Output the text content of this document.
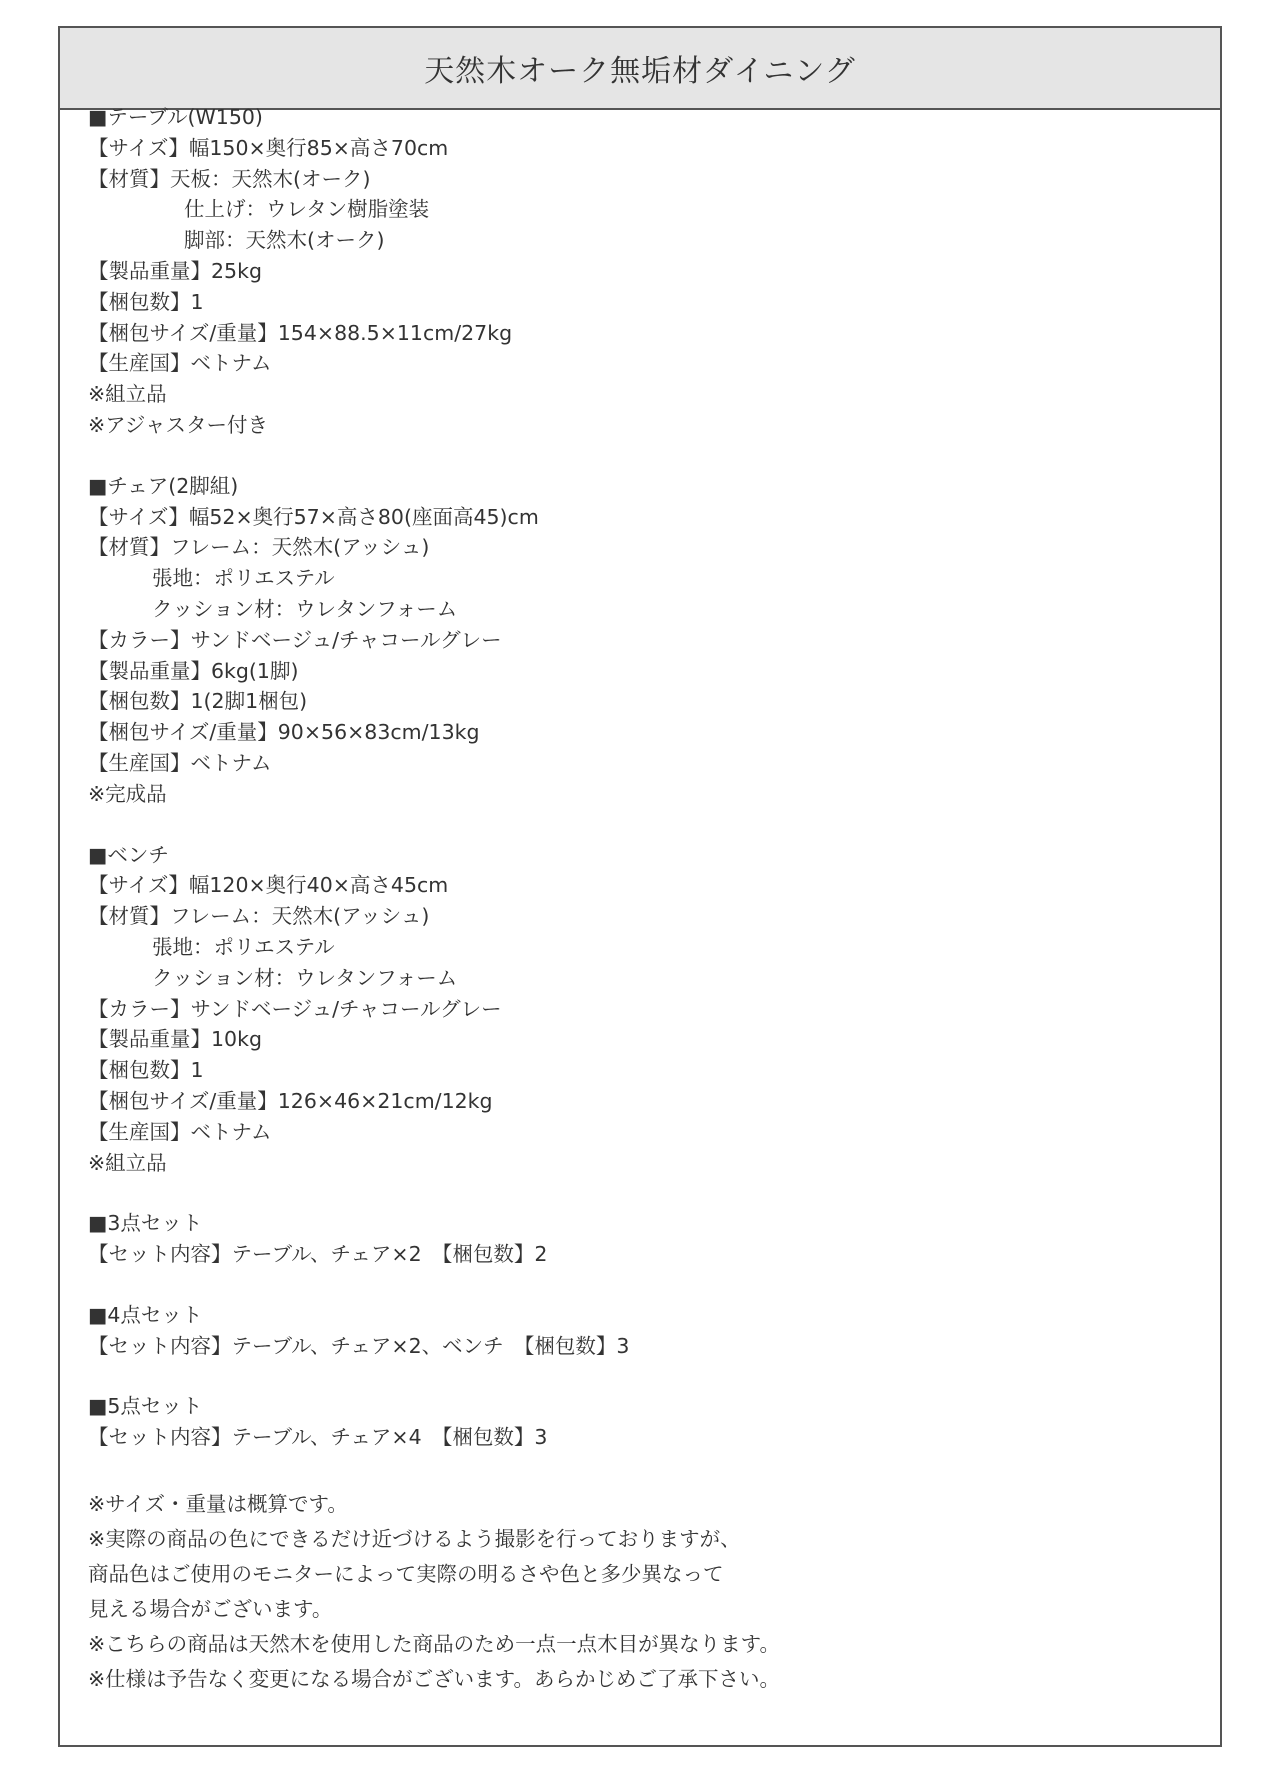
天然木オーク無垢材ダイニング
■テーブル(W150)
【サイズ】幅150×奥行85×高さ70cm
【材質】天板：天然木(オーク)
仕上げ：ウレタン樹脂塗装
脚部：天然木(オーク)
【製品重量】25kg
【梱包数】1
【梱包サイズ/重量】154×88.5×11cm/27kg
【生産国】ベトナム
※組立品
※アジャスター付き
■チェア(2脚組)
【サイズ】幅52×奥行57×高さ80(座面高45)cm
【材質】フレーム：天然木(アッシュ)
張地：ポリエステル
クッション材：ウレタンフォーム
【カラー】サンドベージュ/チャコールグレー
【製品重量】6kg(1脚)
【梱包数】1(2脚1梱包)
【梱包サイズ/重量】90×56×83cm/13kg
【生産国】ベトナム
※完成品
■ベンチ
【サイズ】幅120×奥行40×高さ45cm
【材質】フレーム：天然木(アッシュ)
張地：ポリエステル
クッション材：ウレタンフォーム
【カラー】サンドベージュ/チャコールグレー
【製品重量】10kg
【梱包数】1
【梱包サイズ/重量】126×46×21cm/12kg
【生産国】ベトナム
※組立品
■3点セット
【セット内容】テーブル、チェア×2　【梱包数】2
■4点セット
【セット内容】テーブル、チェア×2、ベンチ　【梱包数】3
■5点セット
【セット内容】テーブル、チェア×4　【梱包数】3
※サイズ・重量は概算です。
※実際の商品の色にできるだけ近づけるよう撮影を行っておりますが、
商品色はご使用のモニターによって実際の明るさや色と多少異なって
見える場合がございます。
※こちらの商品は天然木を使用した商品のため一点一点木目が異なります。
※仕様は予告なく変更になる場合がございます。あらかじめご了承下さい。
